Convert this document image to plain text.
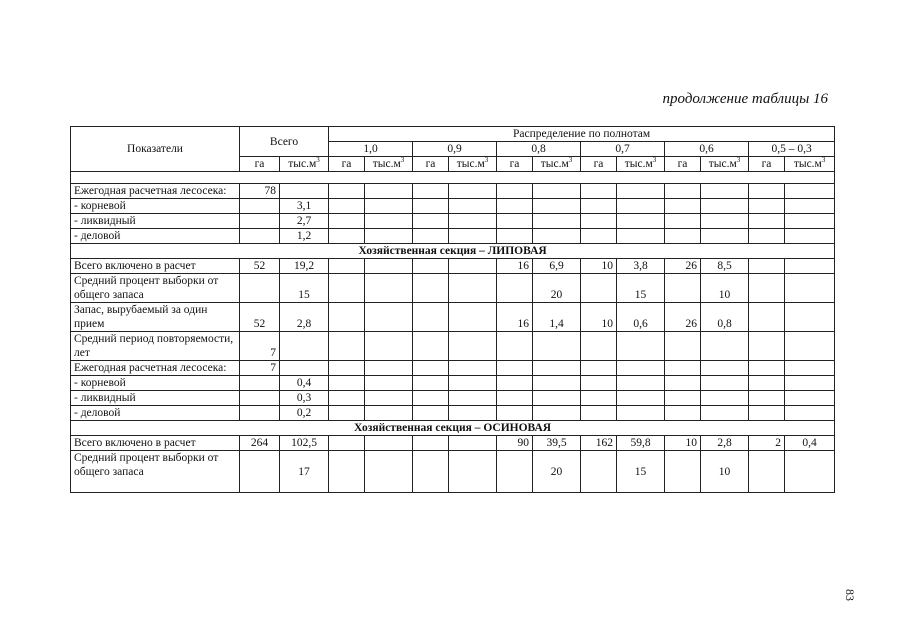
продолжение таблицы 16
83
Показатели	Всего		Распределение по полнотам											
			1,0		0,9		0,8		0,7		0,6		0,5 – 0,3	
	га	$тыс.м^3$	га	$тыс.м^3$	га	$тыс.м^3$	га	$тыс.м^3$	га	$тыс.м^3$	га	$тыс.м^3$	га	$тыс.м^3$

Ежегодная расчетная лесосека:	78													
- корневой		3,1												
- ликвидный		2,7												
- деловой		1,2												
Хозяйственная секция – ЛИПОВАЯ														
Всего включено в расчет	52	19,2					16	6,9	10	3,8	26	8,5		
Средний процент выборки от общего запаса		15						20		15		10		
Запас, вырубаемый за один прием	52	2,8					16	1,4	10	0,6	26	0,8		
Средний период повторяемости, лет	7													
Ежегодная расчетная лесосека:	7													
- корневой		0,4												
- ликвидный		0,3												
- деловой		0,2												
Хозяйственная секция – ОСИНОВАЯ														
Всего включено в расчет	264	102,5					90	39,5	162	59,8	10	2,8	2	0,4
Средний процент выборки от общего запаса		17						20		15		10		
